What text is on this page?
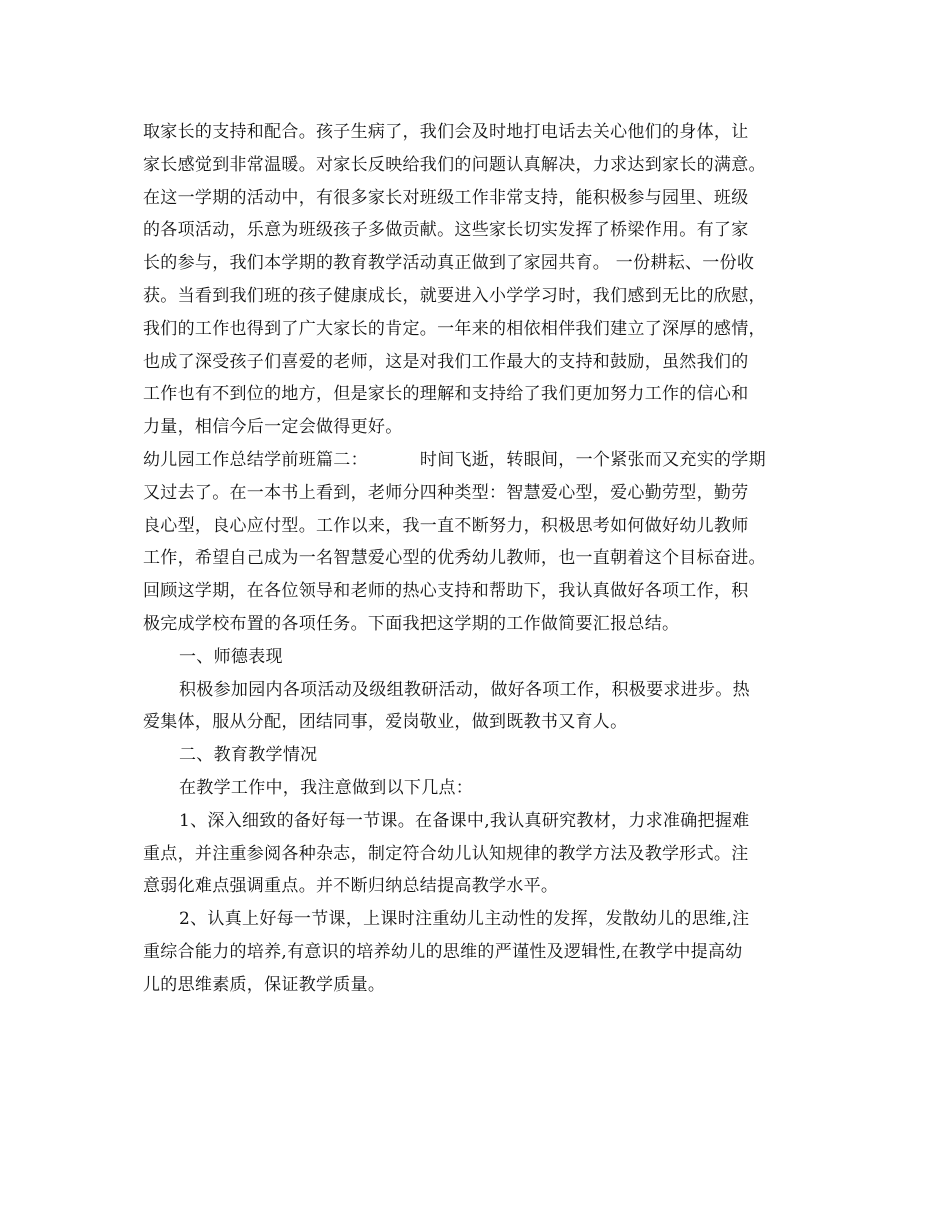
取家长的支持和配合。孩子生病了，我们会及时地打电话去关心他们的身体，让
家长感觉到非常温暖。对家长反映给我们的问题认真解决，力求达到家长的满意。
在这一学期的活动中，有很多家长对班级工作非常支持，能积极参与园里、班级
的各项活动，乐意为班级孩子多做贡献。这些家长切实发挥了桥梁作用。有了家
长的参与，我们本学期的教育教学活动真正做到了家园共育。 一份耕耘、一份收
获。当看到我们班的孩子健康成长，就要进入小学学习时，我们感到无比的欣慰，
我们的工作也得到了广大家长的肯定。一年来的相依相伴我们建立了深厚的感情，
也成了深受孩子们喜爱的老师，这是对我们工作最大的支持和鼓励，虽然我们的
工作也有不到位的地方，但是家长的理解和支持给了我们更加努力工作的信心和
力量，相信今后一定会做得更好。
幼儿园工作总结学前班篇二：	时间飞逝，转眼间，一个紧张而又充实的学期
又过去了。在一本书上看到，老师分四种类型：智慧爱心型，爱心勤劳型，勤劳
良心型，良心应付型。工作以来，我一直不断努力，积极思考如何做好幼儿教师
工作，希望自己成为一名智慧爱心型的优秀幼儿教师，也一直朝着这个目标奋进。
回顾这学期，在各位领导和老师的热心支持和帮助下，我认真做好各项工作，积
极完成学校布置的各项任务。下面我把这学期的工作做简要汇报总结。
一、师德表现
积极参加园内各项活动及级组教研活动，做好各项工作，积极要求进步。热
爱集体，服从分配，团结同事，爱岗敬业，做到既教书又育人。
二、教育教学情况
在教学工作中，我注意做到以下几点：
1、深入细致的备好每一节课。在备课中,我认真研究教材，力求准确把握难
重点，并注重参阅各种杂志，制定符合幼儿认知规律的教学方法及教学形式。注
意弱化难点强调重点。并不断归纳总结提高教学水平。
2、认真上好每一节课，上课时注重幼儿主动性的发挥，发散幼儿的思维,注
重综合能力的培养,有意识的培养幼儿的思维的严谨性及逻辑性,在教学中提高幼
儿的思维素质，保证教学质量。
